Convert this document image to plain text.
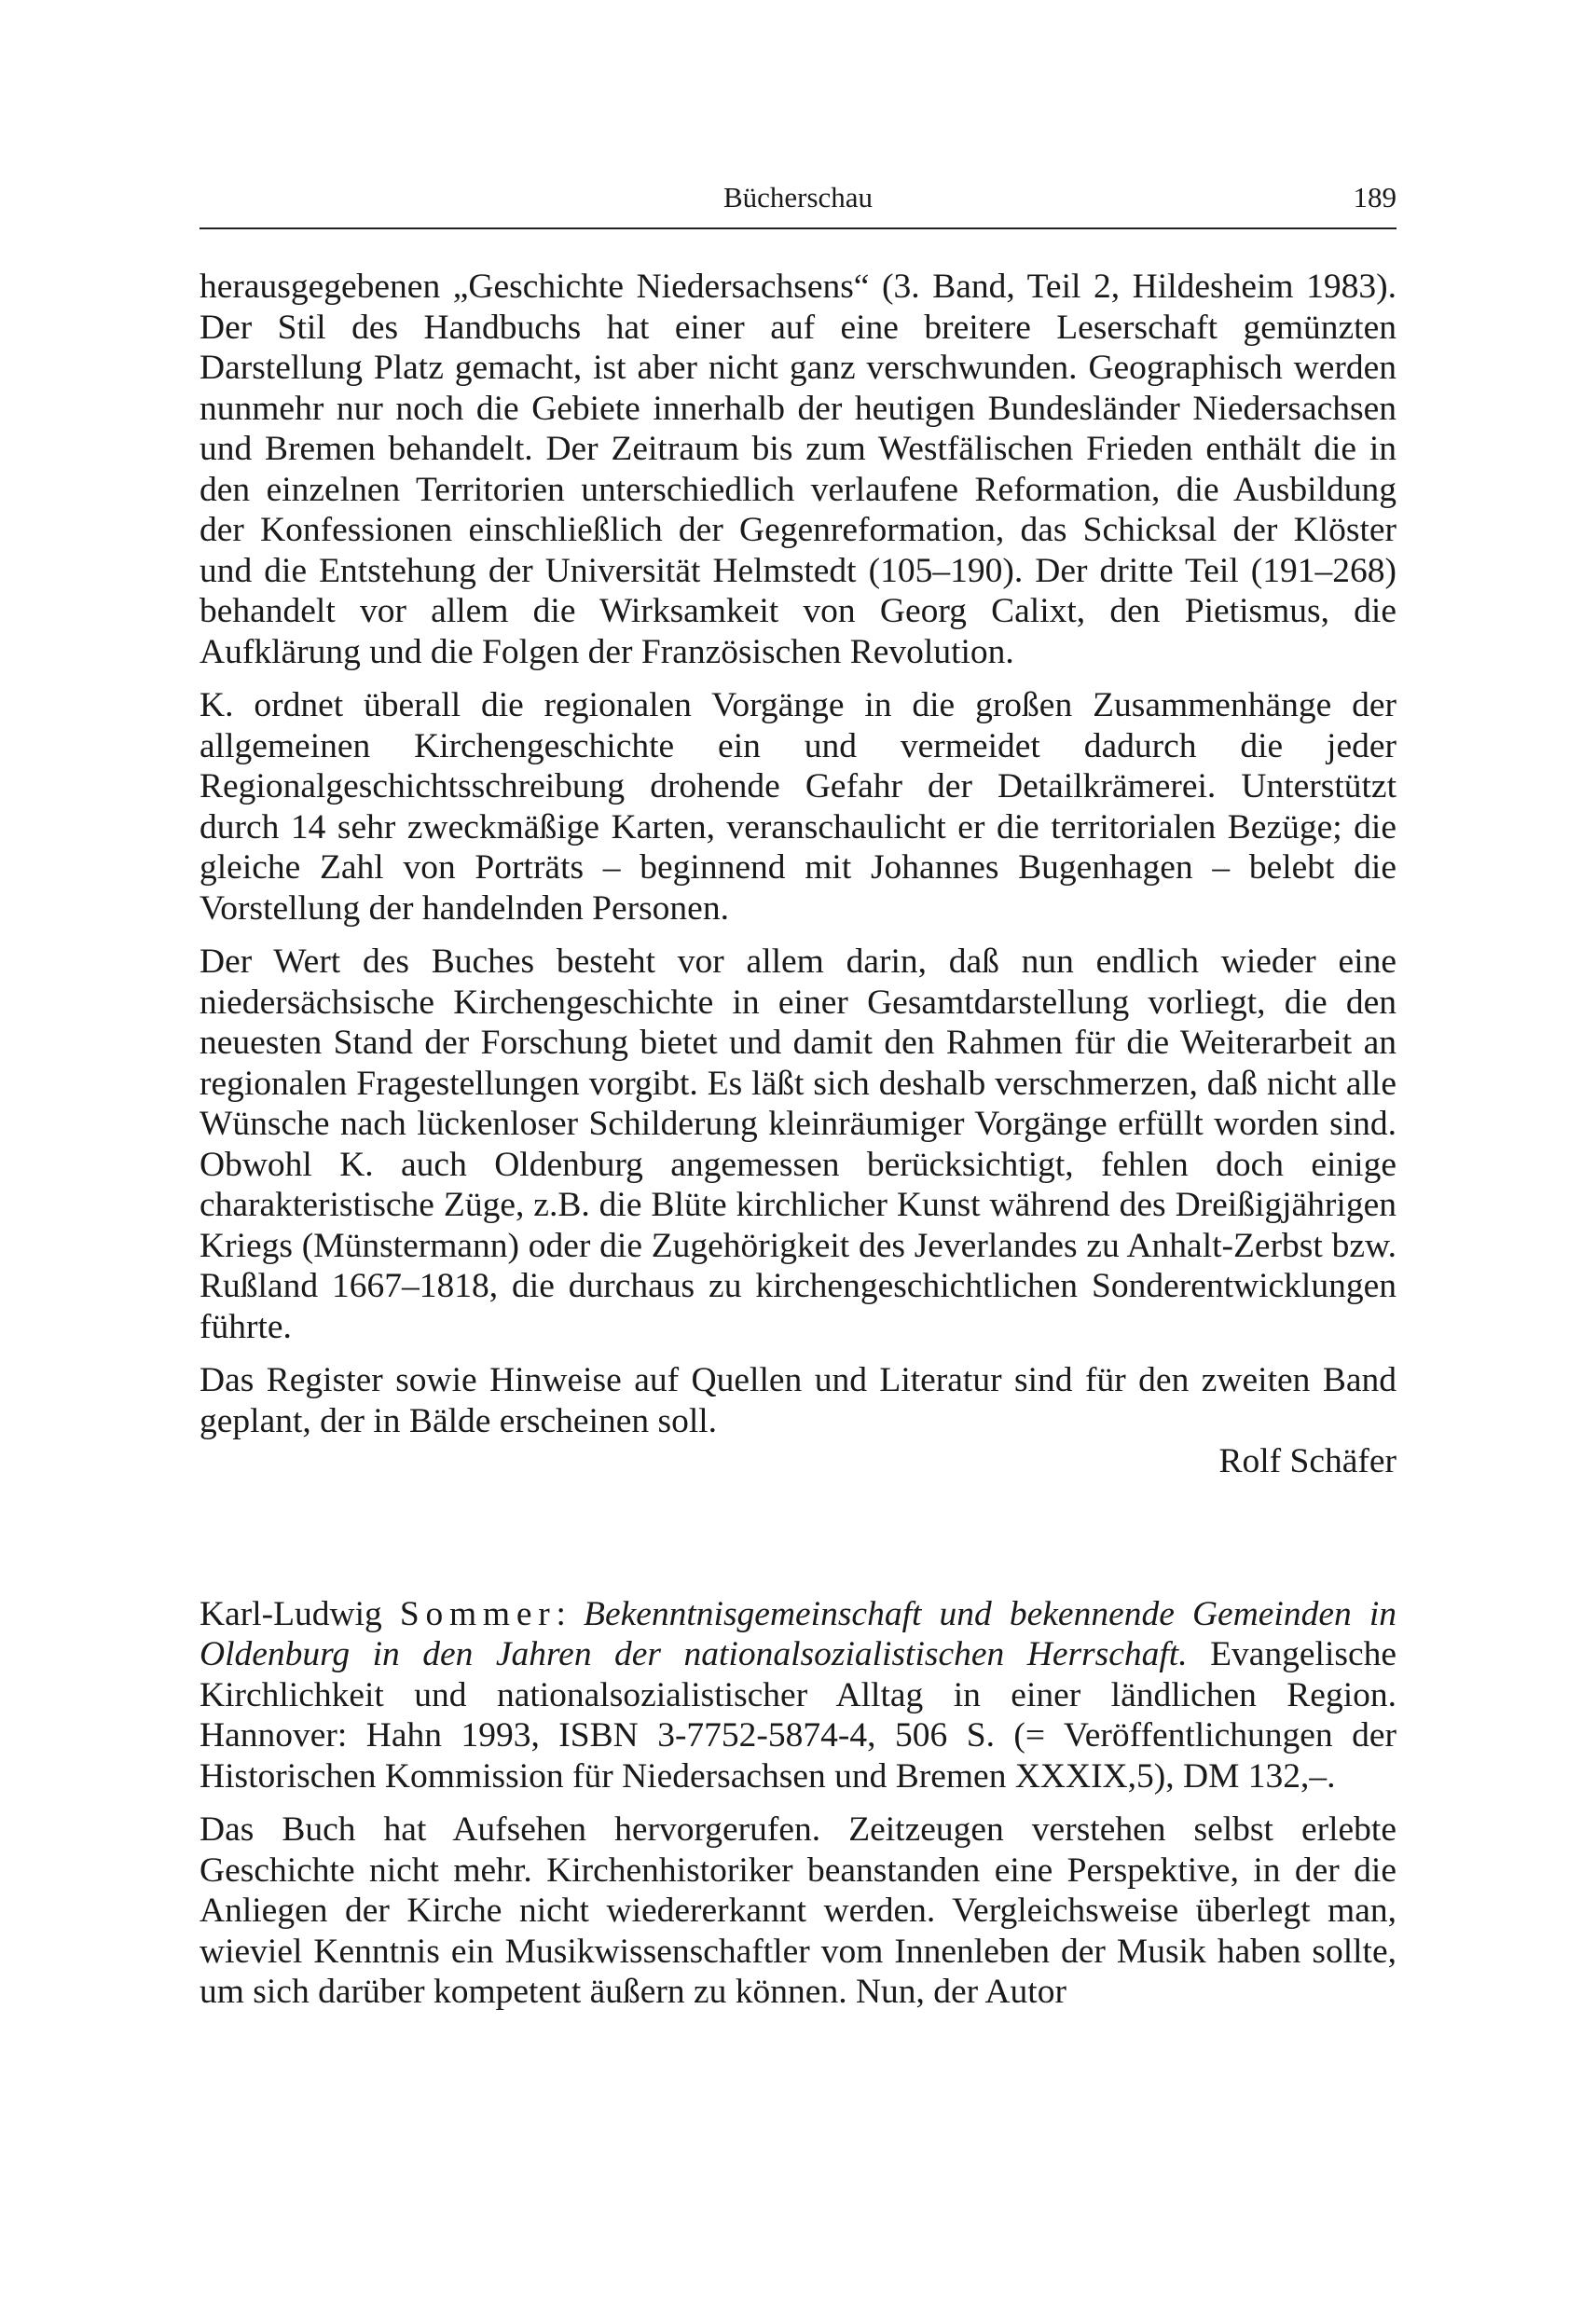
Bücherschau	189

herausgegebenen „Geschichte Niedersachsens“ (3. Band, Teil 2, Hildesheim 1983). Der Stil des Handbuchs hat einer auf eine breitere Leserschaft gemünzten Darstellung Platz gemacht, ist aber nicht ganz verschwunden. Geographisch werden nunmehr nur noch die Gebiete innerhalb der heutigen Bundesländer Niedersachsen und Bremen behandelt. Der Zeitraum bis zum Westfälischen Frieden enthält die in den einzelnen Territorien unterschiedlich verlaufene Reformation, die Ausbildung der Konfessionen einschließlich der Gegenreformation, das Schicksal der Klöster und die Entstehung der Universität Helmstedt (105–190). Der dritte Teil (191–268) behandelt vor allem die Wirksamkeit von Georg Calixt, den Pietismus, die Aufklärung und die Folgen der Französischen Revolution.

K. ordnet überall die regionalen Vorgänge in die großen Zusammenhänge der allgemeinen Kirchengeschichte ein und vermeidet dadurch die jeder Regionalgeschichtsschreibung drohende Gefahr der Detailkrämerei. Unterstützt durch 14 sehr zweckmäßige Karten, veranschaulicht er die territorialen Bezüge; die gleiche Zahl von Porträts – beginnend mit Johannes Bugenhagen – belebt die Vorstellung der handelnden Personen.

Der Wert des Buches besteht vor allem darin, daß nun endlich wieder eine niedersächsische Kirchengeschichte in einer Gesamtdarstellung vorliegt, die den neuesten Stand der Forschung bietet und damit den Rahmen für die Weiterarbeit an regionalen Fragestellungen vorgibt. Es läßt sich deshalb verschmerzen, daß nicht alle Wünsche nach lückenloser Schilderung kleinräumiger Vorgänge erfüllt worden sind. Obwohl K. auch Oldenburg angemessen berücksichtigt, fehlen doch einige charakteristische Züge, z.B. die Blüte kirchlicher Kunst während des Dreißigjährigen Kriegs (Münstermann) oder die Zugehörigkeit des Jeverlandes zu Anhalt-Zerbst bzw. Rußland 1667–1818, die durchaus zu kirchengeschichtlichen Sonderentwicklungen führte.

Das Register sowie Hinweise auf Quellen und Literatur sind für den zweiten Band geplant, der in Bälde erscheinen soll.

Rolf Schäfer

Karl-Ludwig Sommer: Bekenntnisgemeinschaft und bekennende Gemeinden in Oldenburg in den Jahren der nationalsozialistischen Herrschaft. Evangelische Kirchlichkeit und nationalsozialistischer Alltag in einer ländlichen Region. Hannover: Hahn 1993, ISBN 3-7752-5874-4, 506 S. (= Veröffentlichungen der Historischen Kommission für Niedersachsen und Bremen XXXIX,5), DM 132,–.

Das Buch hat Aufsehen hervorgerufen. Zeitzeugen verstehen selbst erlebte Geschichte nicht mehr. Kirchenhistoriker beanstanden eine Perspektive, in der die Anliegen der Kirche nicht wiedererkannt werden. Vergleichsweise überlegt man, wieviel Kenntnis ein Musikwissenschaftler vom Innenleben der Musik haben sollte, um sich darüber kompetent äußern zu können. Nun, der Autor
